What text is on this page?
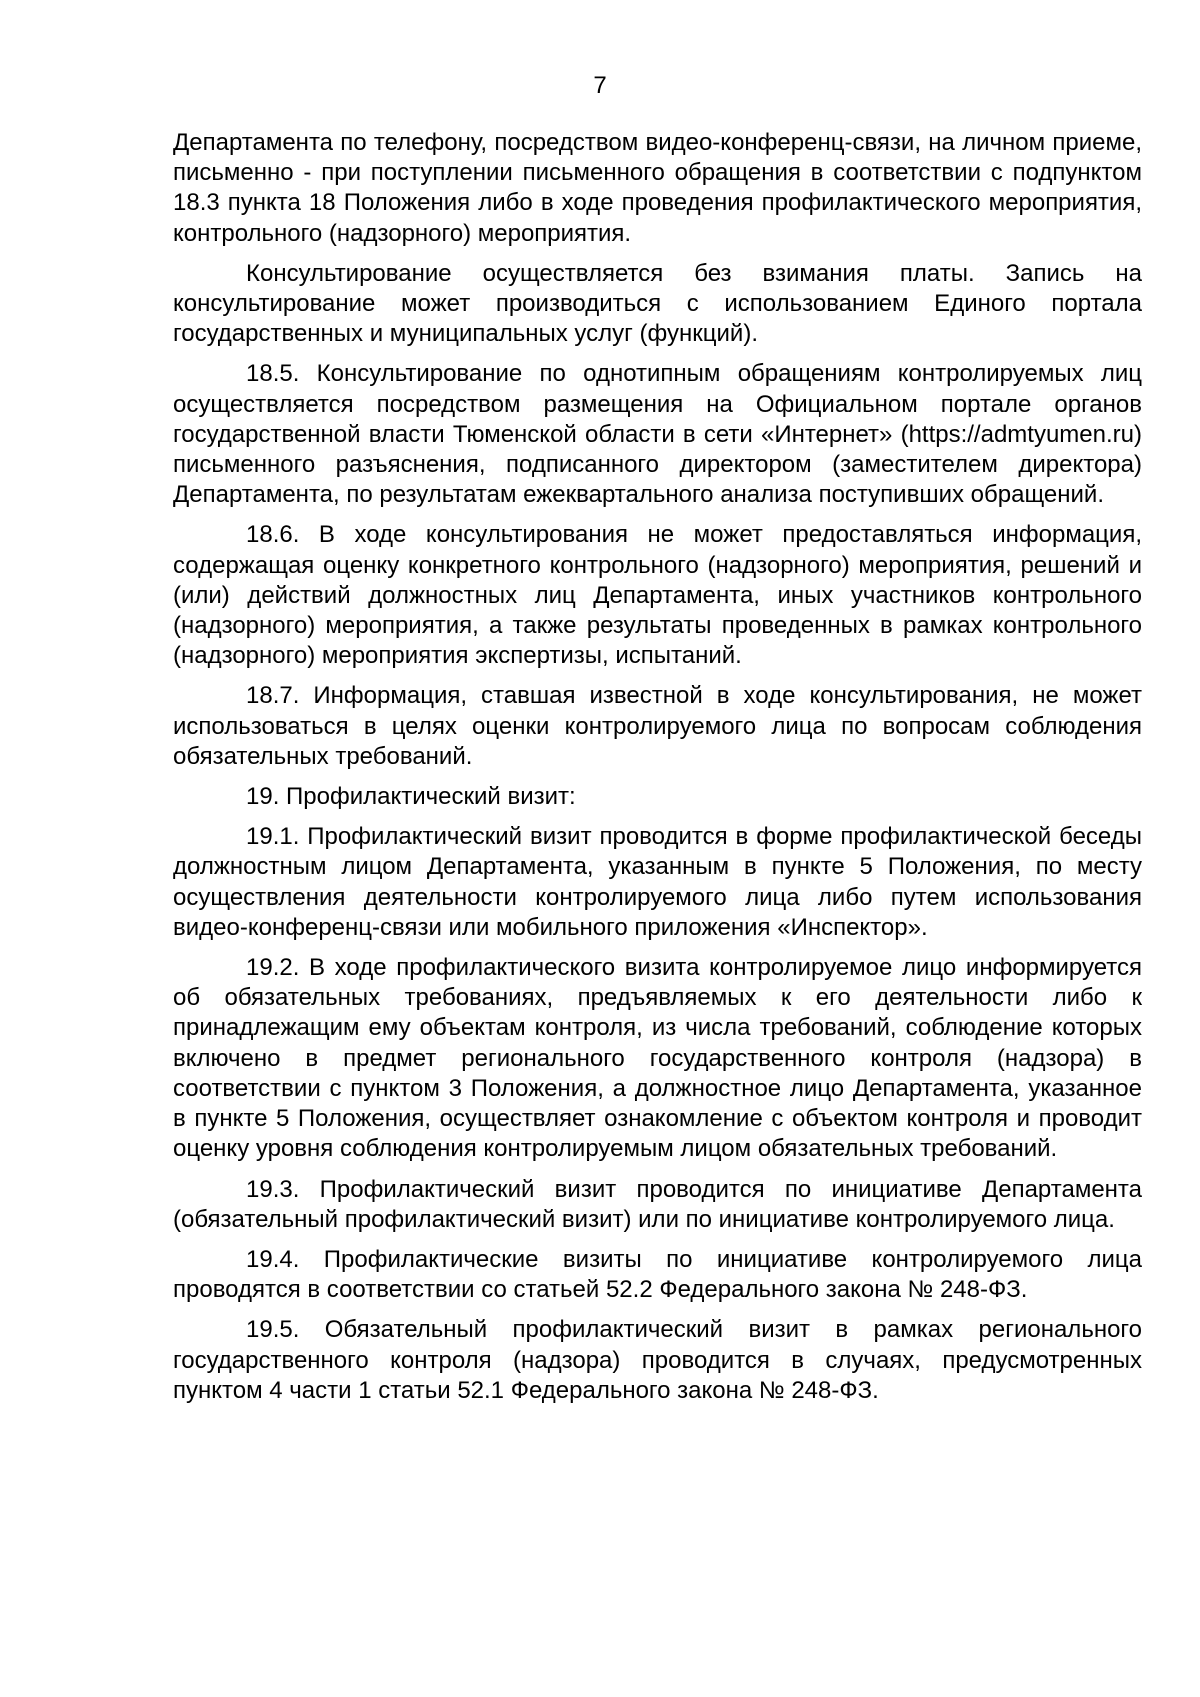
7

Департамента по телефону, посредством видео-конференц-связи, на личном приеме, письменно - при поступлении письменного обращения в соответствии с подпунктом 18.3 пункта 18 Положения либо в ходе проведения профилактического мероприятия, контрольного (надзорного) мероприятия.

Консультирование осуществляется без взимания платы. Запись на консультирование может производиться с использованием Единого портала государственных и муниципальных услуг (функций).

18.5. Консультирование по однотипным обращениям контролируемых лиц осуществляется посредством размещения на Официальном портале органов государственной власти Тюменской области в сети «Интернет» (https://admtyumen.ru) письменного разъяснения, подписанного директором (заместителем директора) Департамента, по результатам ежеквартального анализа поступивших обращений.

18.6. В ходе консультирования не может предоставляться информация, содержащая оценку конкретного контрольного (надзорного) мероприятия, решений и (или) действий должностных лиц Департамента, иных участников контрольного (надзорного) мероприятия, а также результаты проведенных в рамках контрольного (надзорного) мероприятия экспертизы, испытаний.

18.7. Информация, ставшая известной в ходе консультирования, не может использоваться в целях оценки контролируемого лица по вопросам соблюдения обязательных требований.

19. Профилактический визит:

19.1. Профилактический визит проводится в форме профилактической беседы должностным лицом Департамента, указанным в пункте 5 Положения, по месту осуществления деятельности контролируемого лица либо путем использования видео-конференц-связи или мобильного приложения «Инспектор».

19.2. В ходе профилактического визита контролируемое лицо информируется об обязательных требованиях, предъявляемых к его деятельности либо к принадлежащим ему объектам контроля, из числа требований, соблюдение которых включено в предмет регионального государственного контроля (надзора) в соответствии с пунктом 3 Положения, а должностное лицо Департамента, указанное в пункте 5 Положения, осуществляет ознакомление с объектом контроля и проводит оценку уровня соблюдения контролируемым лицом обязательных требований.

19.3. Профилактический визит проводится по инициативе Департамента (обязательный профилактический визит) или по инициативе контролируемого лица.

19.4. Профилактические визиты по инициативе контролируемого лица проводятся в соответствии со статьей 52.2 Федерального закона № 248-ФЗ.

19.5. Обязательный профилактический визит в рамках регионального государственного контроля (надзора) проводится в случаях, предусмотренных пунктом 4 части 1 статьи 52.1 Федерального закона № 248-ФЗ.
